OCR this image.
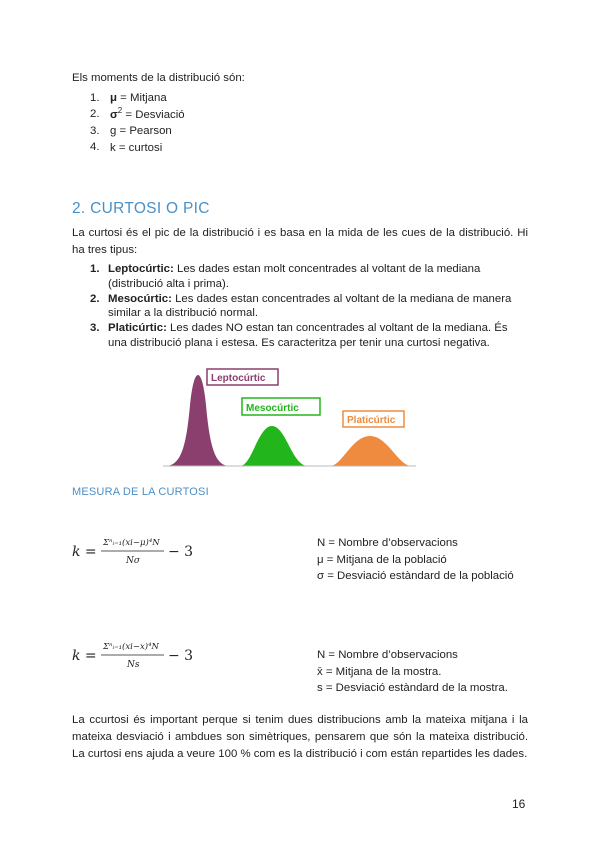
Els moments de la distribució són:
1. μ = Mitjana
2. $\sigma^2$ = Desviació
3. g = Pearson
4. k = curtosi
2. CURTOSI O PIC
La curtosi és el pic de la distribució i es basa en la mida de les cues de la distribució. Hi ha tres tipus:
1. Leptocúrtic: Les dades estan molt concentrades al voltant de la mediana (distribució alta i prima).
2. Mesocúrtic: Les dades estan concentrades al voltant de la mediana de manera similar a la distribució normal.
3. Platicúrtic: Les dades NO estan tan concentrades al voltant de la mediana. És una distribució plana i estesa. Es caracteritza per tenir una curtosi negativa.
Leptocúrtic
Mesocúrtic
Platicúrtic
MESURA DE LA CURTOSI
k =
Σⁿᵢ₌₁(xi−μ)⁴N
Nσ
− 3
N = Nombre d’observacions
μ = Mitjana de la població
σ = Desviació estàndard de la població
k =
Σⁿᵢ₌₁(xi−x)⁴N
Ns
− 3	N = Nombre d’observacions
x̄ = Mitjana de la mostra.
s = Desviació estàndard de la mostra.
La ccurtosi és important perque si tenim dues distribucions amb la mateixa mitjana i la mateixa desviació i ambdues son simètriques, pensarem que són la mateixa distribució. La curtosi ens ajuda a veure 100 % com es la distribució i com están repartides les dades.
16
